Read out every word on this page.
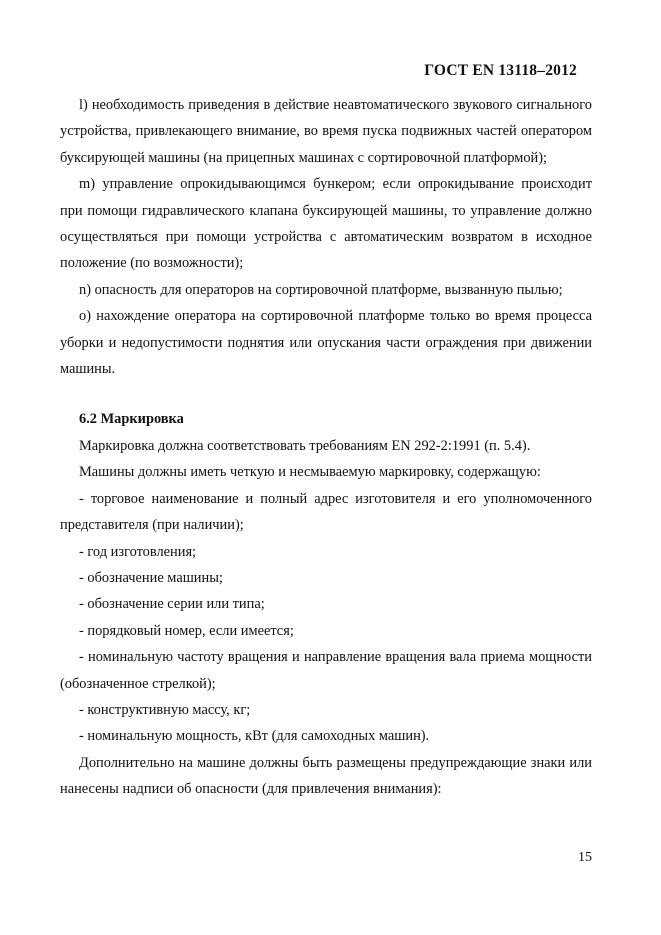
ГОСТ EN 13118–2012

l) необходимость приведения в действие неавтоматического звукового сигнального устройства, привлекающего внимание, во время пуска подвижных частей оператором буксирующей машины (на прицепных машинах с сортировочной платформой);

m) управление опрокидывающимся бункером; если опрокидывание происходит при помощи гидравлического клапана буксирующей машины, то управление должно осуществляться при помощи устройства с автоматическим возвратом в исходное положение (по возможности);

n) опасность для операторов на сортировочной платформе, вызванную пылью;

o) нахождение оператора на сортировочной платформе только во время процесса уборки и недопустимости поднятия или опускания части ограждения при движении машины.

6.2 Маркировка

Маркировка должна соответствовать требованиям EN 292-2:1991 (п. 5.4).

Машины должны иметь четкую и несмываемую маркировку, содержащую:

- торговое наименование и полный адрес изготовителя и его уполномоченного представителя (при наличии);

- год изготовления;

- обозначение машины;

- обозначение серии или типа;

- порядковый номер, если имеется;

- номинальную частоту вращения и направление вращения вала приема мощности (обозначенное стрелкой);

- конструктивную массу, кг;

- номинальную мощность, кВт (для самоходных машин).

Дополнительно на машине должны быть размещены предупреждающие знаки или нанесены надписи об опасности (для привлечения внимания):

15
